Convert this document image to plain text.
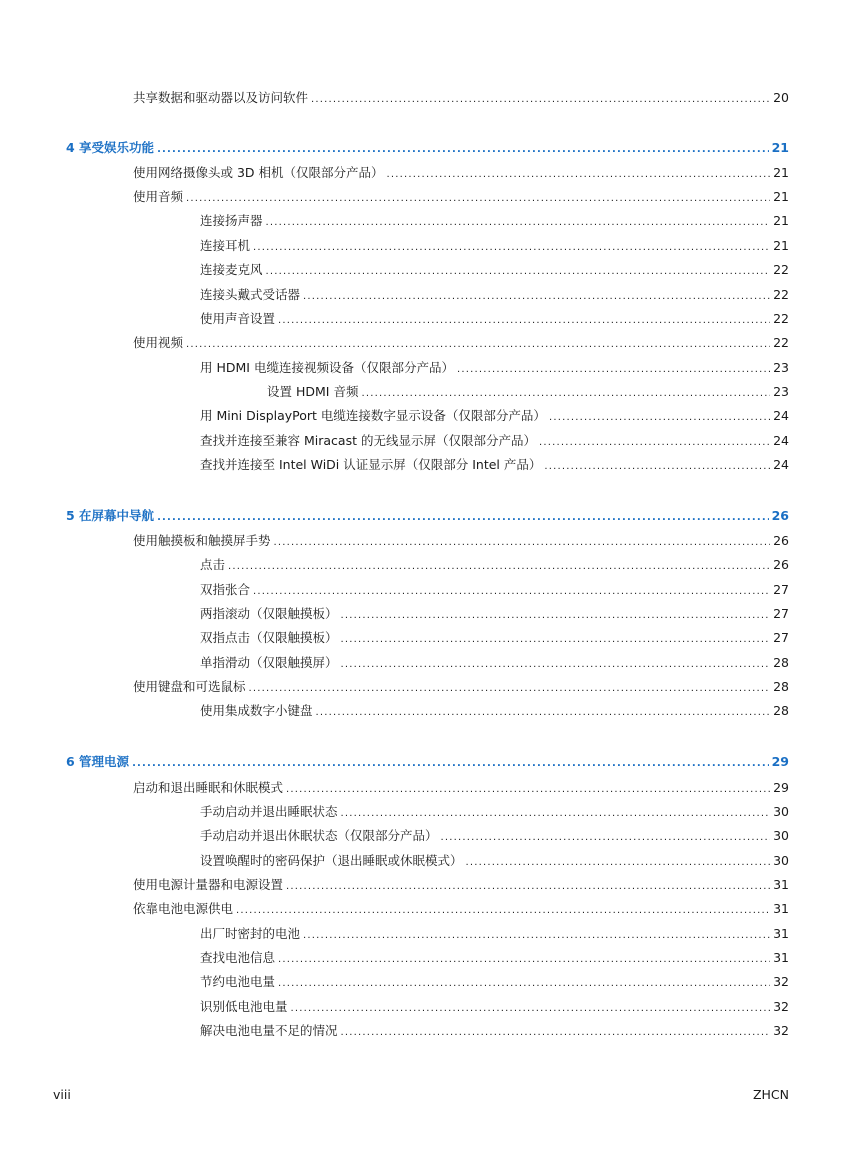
共享数据和驱动器以及访问软件 .....	20
4 享受娱乐功能 .....	21
使用网络摄像头或 3D 相机（仅限部分产品） .....	21
使用音频 .....	21
连接扬声器 .....	21
连接耳机 .....	21
连接麦克风 .....	22
连接头戴式受话器 .....	22
使用声音设置 .....	22
使用视频 .....	22
用 HDMI 电缆连接视频设备（仅限部分产品） .....	23
设置 HDMI 音频 .....	23
用 Mini DisplayPort 电缆连接数字显示设备（仅限部分产品） .....	24
查找并连接至兼容 Miracast 的无线显示屏（仅限部分产品） .....	24
查找并连接至 Intel WiDi 认证显示屏（仅限部分 Intel 产品） .....	24
5 在屏幕中导航 .....	26
使用触摸板和触摸屏手势 .....	26
点击 .....	26
双指张合 .....	27
两指滚动（仅限触摸板） .....	27
双指点击（仅限触摸板） .....	27
单指滑动（仅限触摸屏） .....	28
使用键盘和可选鼠标 .....	28
使用集成数字小键盘 .....	28
6 管理电源 .....	29
启动和退出睡眠和休眠模式 .....	29
手动启动并退出睡眠状态 .....	30
手动启动并退出休眠状态（仅限部分产品） .....	30
设置唤醒时的密码保护（退出睡眠或休眠模式） .....	30
使用电源计量器和电源设置 .....	31
依靠电池电源供电 .....	31
出厂时密封的电池 .....	31
查找电池信息 .....	31
节约电池电量 .....	32
识别低电池电量 .....	32
解决电池电量不足的情况 .....	32
viii	ZHCN
